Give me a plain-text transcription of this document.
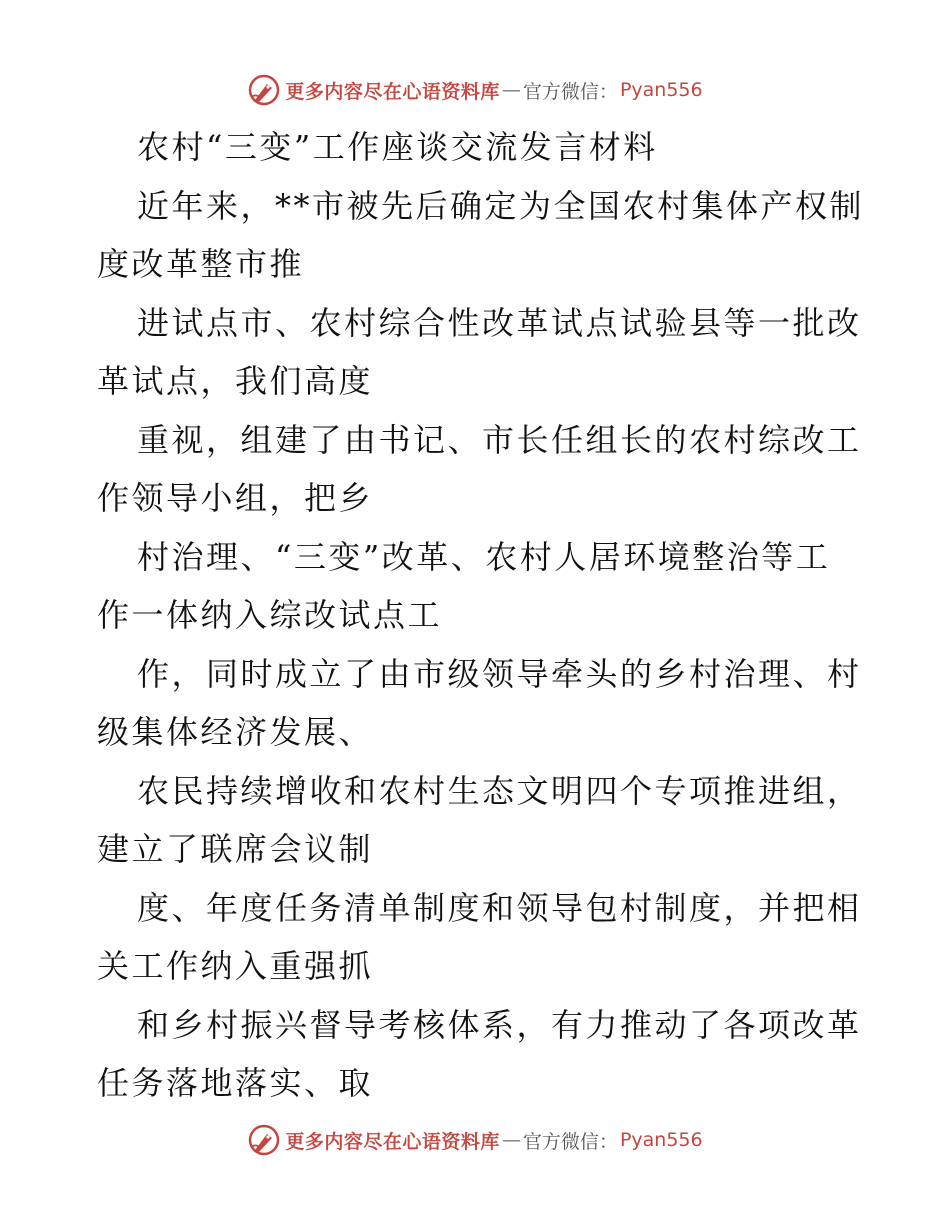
更多内容尽在心语资料库 — 官方微信： Pyan556
农村“三变”工作座谈交流发言材料
近年来，**市被先后确定为全国农村集体产权制
度改革整市推
进试点市、农村综合性改革试点试验县等一批改
革试点，我们高度
重视，组建了由书记、市长任组长的农村综改工
作领导小组，把乡
村治理、“三变”改革、农村人居环境整治等工
作一体纳入综改试点工
作，同时成立了由市级领导牵头的乡村治理、村
级集体经济发展、
农民持续增收和农村生态文明四个专项推进组，
建立了联席会议制
度、年度任务清单制度和领导包村制度，并把相
关工作纳入重强抓
和乡村振兴督导考核体系，有力推动了各项改革
任务落地落实、取
更多内容尽在心语资料库 — 官方微信： Pyan556
